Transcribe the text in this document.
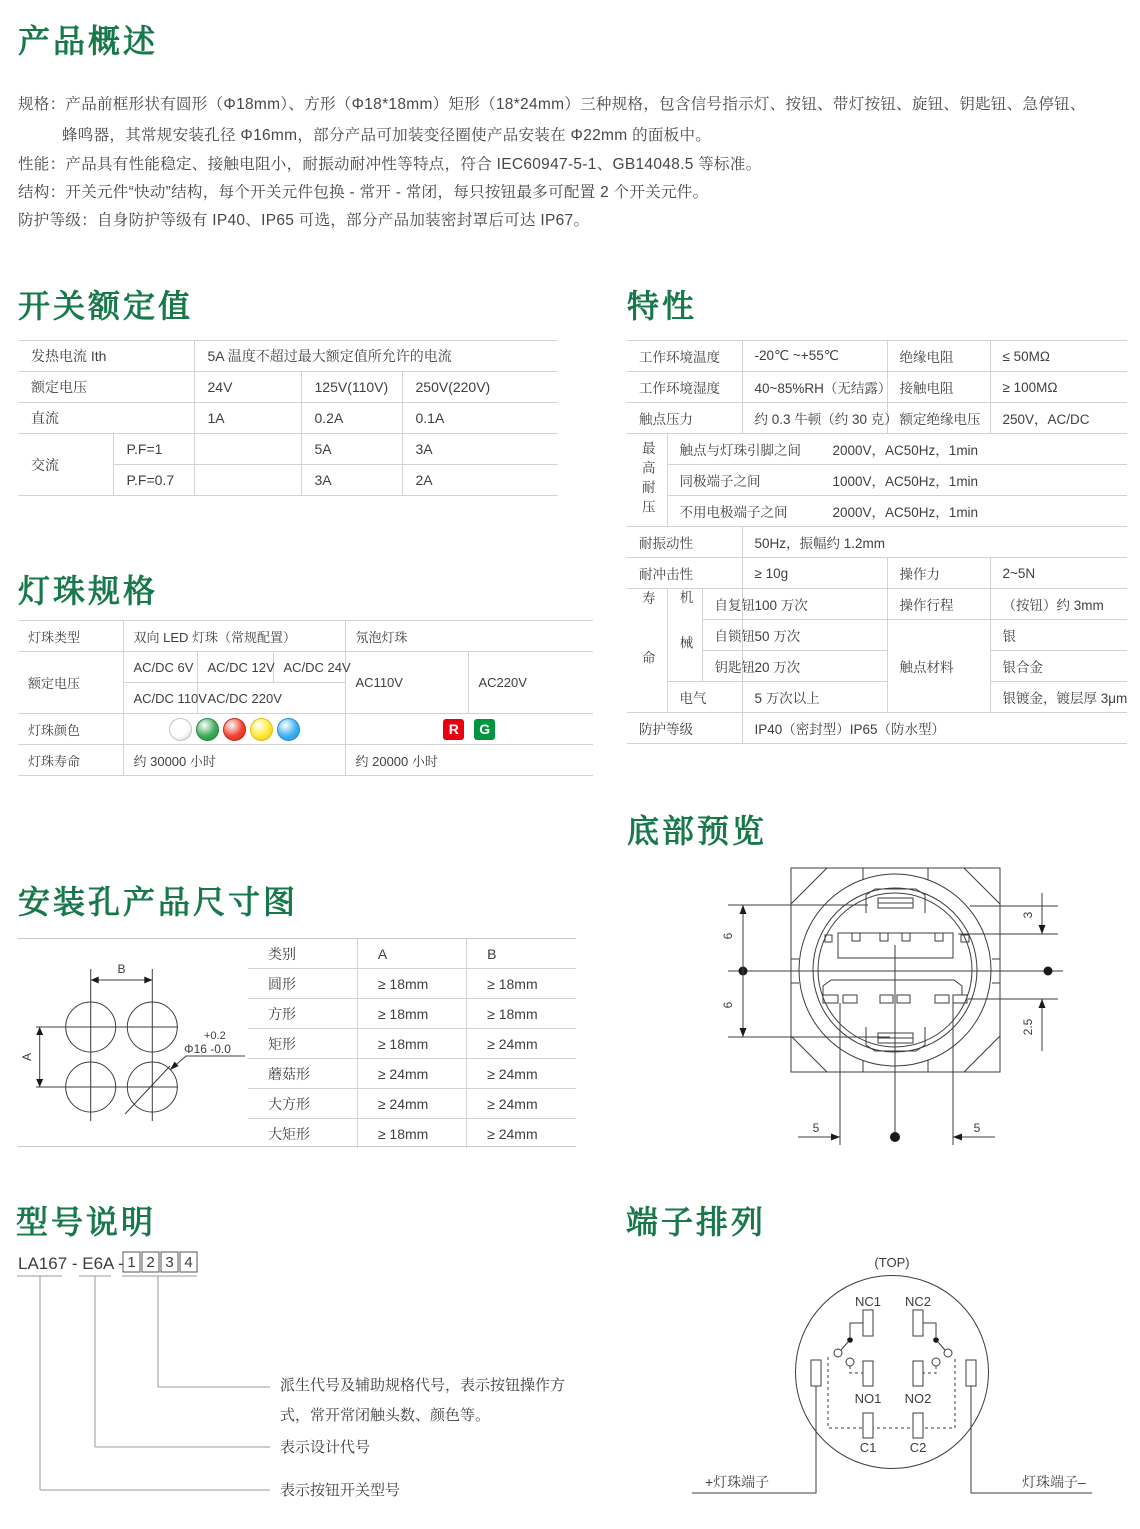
产品概述
规格：产品前框形状有圆形（Φ18mm）、方形（Φ18*18mm）矩形（18*24mm）三种规格，包含信号指示灯、按钮、带灯按钮、旋钮、钥匙钮、急停钮、
蜂鸣器，其常规安装孔径 Φ16mm，部分产品可加装变径圈使产品安装在 Φ22mm 的面板中。
性能：产品具有性能稳定、接触电阻小，耐振动耐冲性等特点，符合 IEC60947-5-1、GB14048.5 等标准。
结构：开关元件“快动”结构，每个开关元件包换 - 常开 - 常闭，每只按钮最多可配置 2 个开关元件。
防护等级：自身防护等级有 IP40、IP65 可选，部分产品加装密封罩后可达 IP67。
开关额定值
发热电流 Ith		5A 温度不超过最大额定值所允许的电流		
额定电压		24V	125V(110V)	250V(220V)
直流		1A	0.2A	0.1A
交流	P.F=1		5A	3A
	P.F=0.7		3A	2A
特性
工作环境温度			-20℃ ~+55℃	绝缘电阻	≤ 50MΩ
工作环境湿度			40~85%RH（无结露）	接触电阻	≥ 100MΩ
触点压力			约 0.3 牛顿（约 30 克）	额定绝缘电压	250V，AC/DC
最高耐压	触点与灯珠引脚之间 2000V，AC50Hz，1min				
	同极端子之间 1000V，AC50Hz，1min				
	不用电极端子之间 2000V，AC50Hz，1min				
耐振动性			50Hz，振幅约 1.2mm		
耐冲击性			≥ 10g	操作力	2~5N
寿命	机械	自复钮	100 万次	操作行程	（按钮）约 3mm
		自锁钮	50 万次	触点材料	银
		钥匙钮	20 万次		银合金
	电气		5 万次以上		银镀金，镀层厚 3μm
防护等级			IP40（密封型）IP65（防水型）		
灯珠规格
灯珠类型	双向 LED 灯珠（常规配置）			氖泡灯珠	
额定电压	AC/DC 6V	AC/DC 12V	AC/DC 24V	AC110V	AC220V
	AC/DC 110V	AC/DC 220V			
灯珠颜色				R G	
灯珠寿命	约 30000 小时			约 20000 小时	
底部预览
6
6
3
2.5
5	5
安装孔产品尺寸图
B
A
+0.2
Φ16 -0.0
类别	A	B
圆形	≥ 18mm	≥ 18mm
方形	≥ 18mm	≥ 18mm
矩形	≥ 18mm	≥ 24mm
蘑菇形	≥ 24mm	≥ 24mm
大方形	≥ 24mm	≥ 24mm
大矩形	≥ 18mm	≥ 24mm
型号说明
LA167 - E6A - 1 2 3 4
派生代号及辅助规格代号，表示按钮操作方
式，常开常闭触头数、颜色等。
表示设计代号
表示按钮开关型号
端子排列
(TOP)
NC1 NC2
NO1 NO2
C1	C2
+灯珠端子	灯珠端子–
